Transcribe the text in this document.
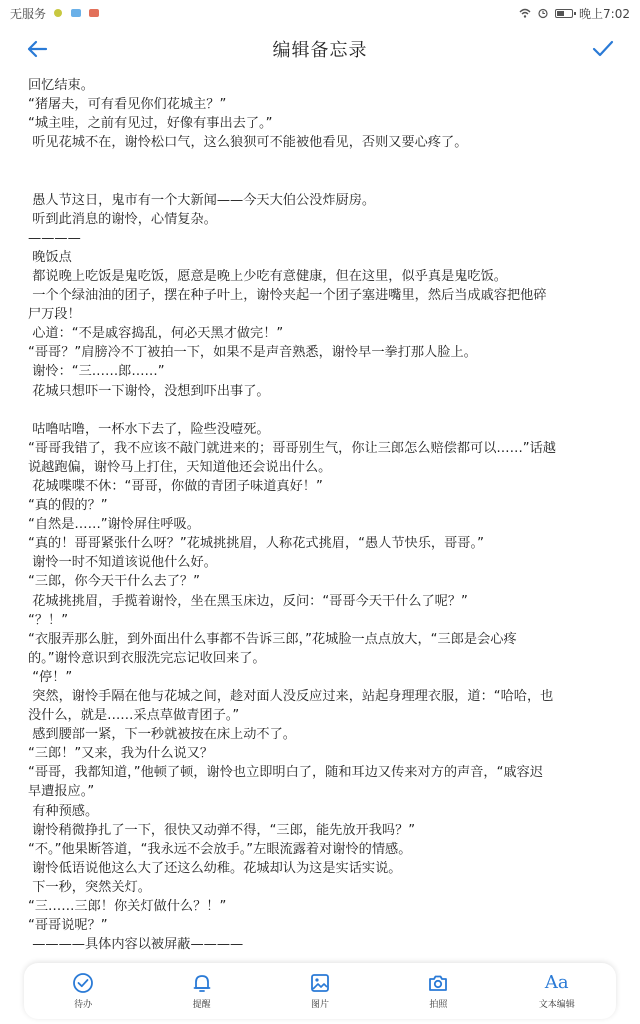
无服务	晚上7:02
编辑备忘录

回忆结束。

“猪屠夫，可有看见你们花城主？”

“城主哇，之前有见过，好像有事出去了。”

听见花城不在，谢怜松口气，这么狼狈可不能被他看见，否则又要心疼了。

愚人节这日，鬼市有一个大新闻——今天大伯公没炸厨房。

听到此消息的谢怜，心情复杂。

————

晚饭点

都说晚上吃饭是鬼吃饭，愿意是晚上少吃有意健康，但在这里，似乎真是鬼吃饭。

一个个绿油油的团子，摆在种子叶上，谢怜夹起一个团子塞进嘴里，然后当成戚容把他碎

尸万段！

心道：“不是戚容捣乱，何必天黑才做完！”

“哥哥？”肩膀冷不丁被拍一下，如果不是声音熟悉，谢怜早一拳打那人脸上。

谢怜：“三……郎……”

花城只想吓一下谢怜，没想到吓出事了。

咕噜咕噜，一杯水下去了，险些没噎死。

“哥哥我错了，我不应该不敲门就进来的；哥哥别生气，你让三郎怎么赔偿都可以……”话越

说越跑偏，谢怜马上打住，天知道他还会说出什么。

花城喋喋不休：“哥哥，你做的青团子味道真好！”

“真的假的？”

“自然是……”谢怜屏住呼吸。

“真的！哥哥紧张什么呀？”花城挑挑眉，人称花式挑眉，“愚人节快乐，哥哥。”

谢怜一时不知道该说他什么好。

“三郎，你今天干什么去了？”

花城挑挑眉，手揽着谢怜，坐在黑玉床边，反问：“哥哥今天干什么了呢？”

“？！”

“衣服弄那么脏，到外面出什么事都不告诉三郎，”花城脸一点点放大，“三郎是会心疼

的。”谢怜意识到衣服洗完忘记收回来了。

“停！”

突然，谢怜手隔在他与花城之间，趁对面人没反应过来，站起身理理衣服，道：“哈哈，也

没什么，就是……采点草做青团子。”

感到腰部一紧，下一秒就被按在床上动不了。

“三郎！”又来，我为什么说又？

“哥哥，我都知道，”他顿了顿，谢怜也立即明白了，随和耳边又传来对方的声音，“戚容迟

早遭报应。”

有种预感。

谢怜稍微挣扎了一下，很快又动弹不得，“三郎，能先放开我吗？”

“不。”他果断答道，“我永远不会放手。”左眼流露着对谢怜的情感。

谢怜低语说他这么大了还这么幼稚。花城却认为这是实话实说。

下一秒，突然关灯。

“三……三郎！你关灯做什么？！”

“哥哥说呢？”

————具体内容以被屏蔽————

待办	提醒	图片	拍照
Aa
文本编辑
